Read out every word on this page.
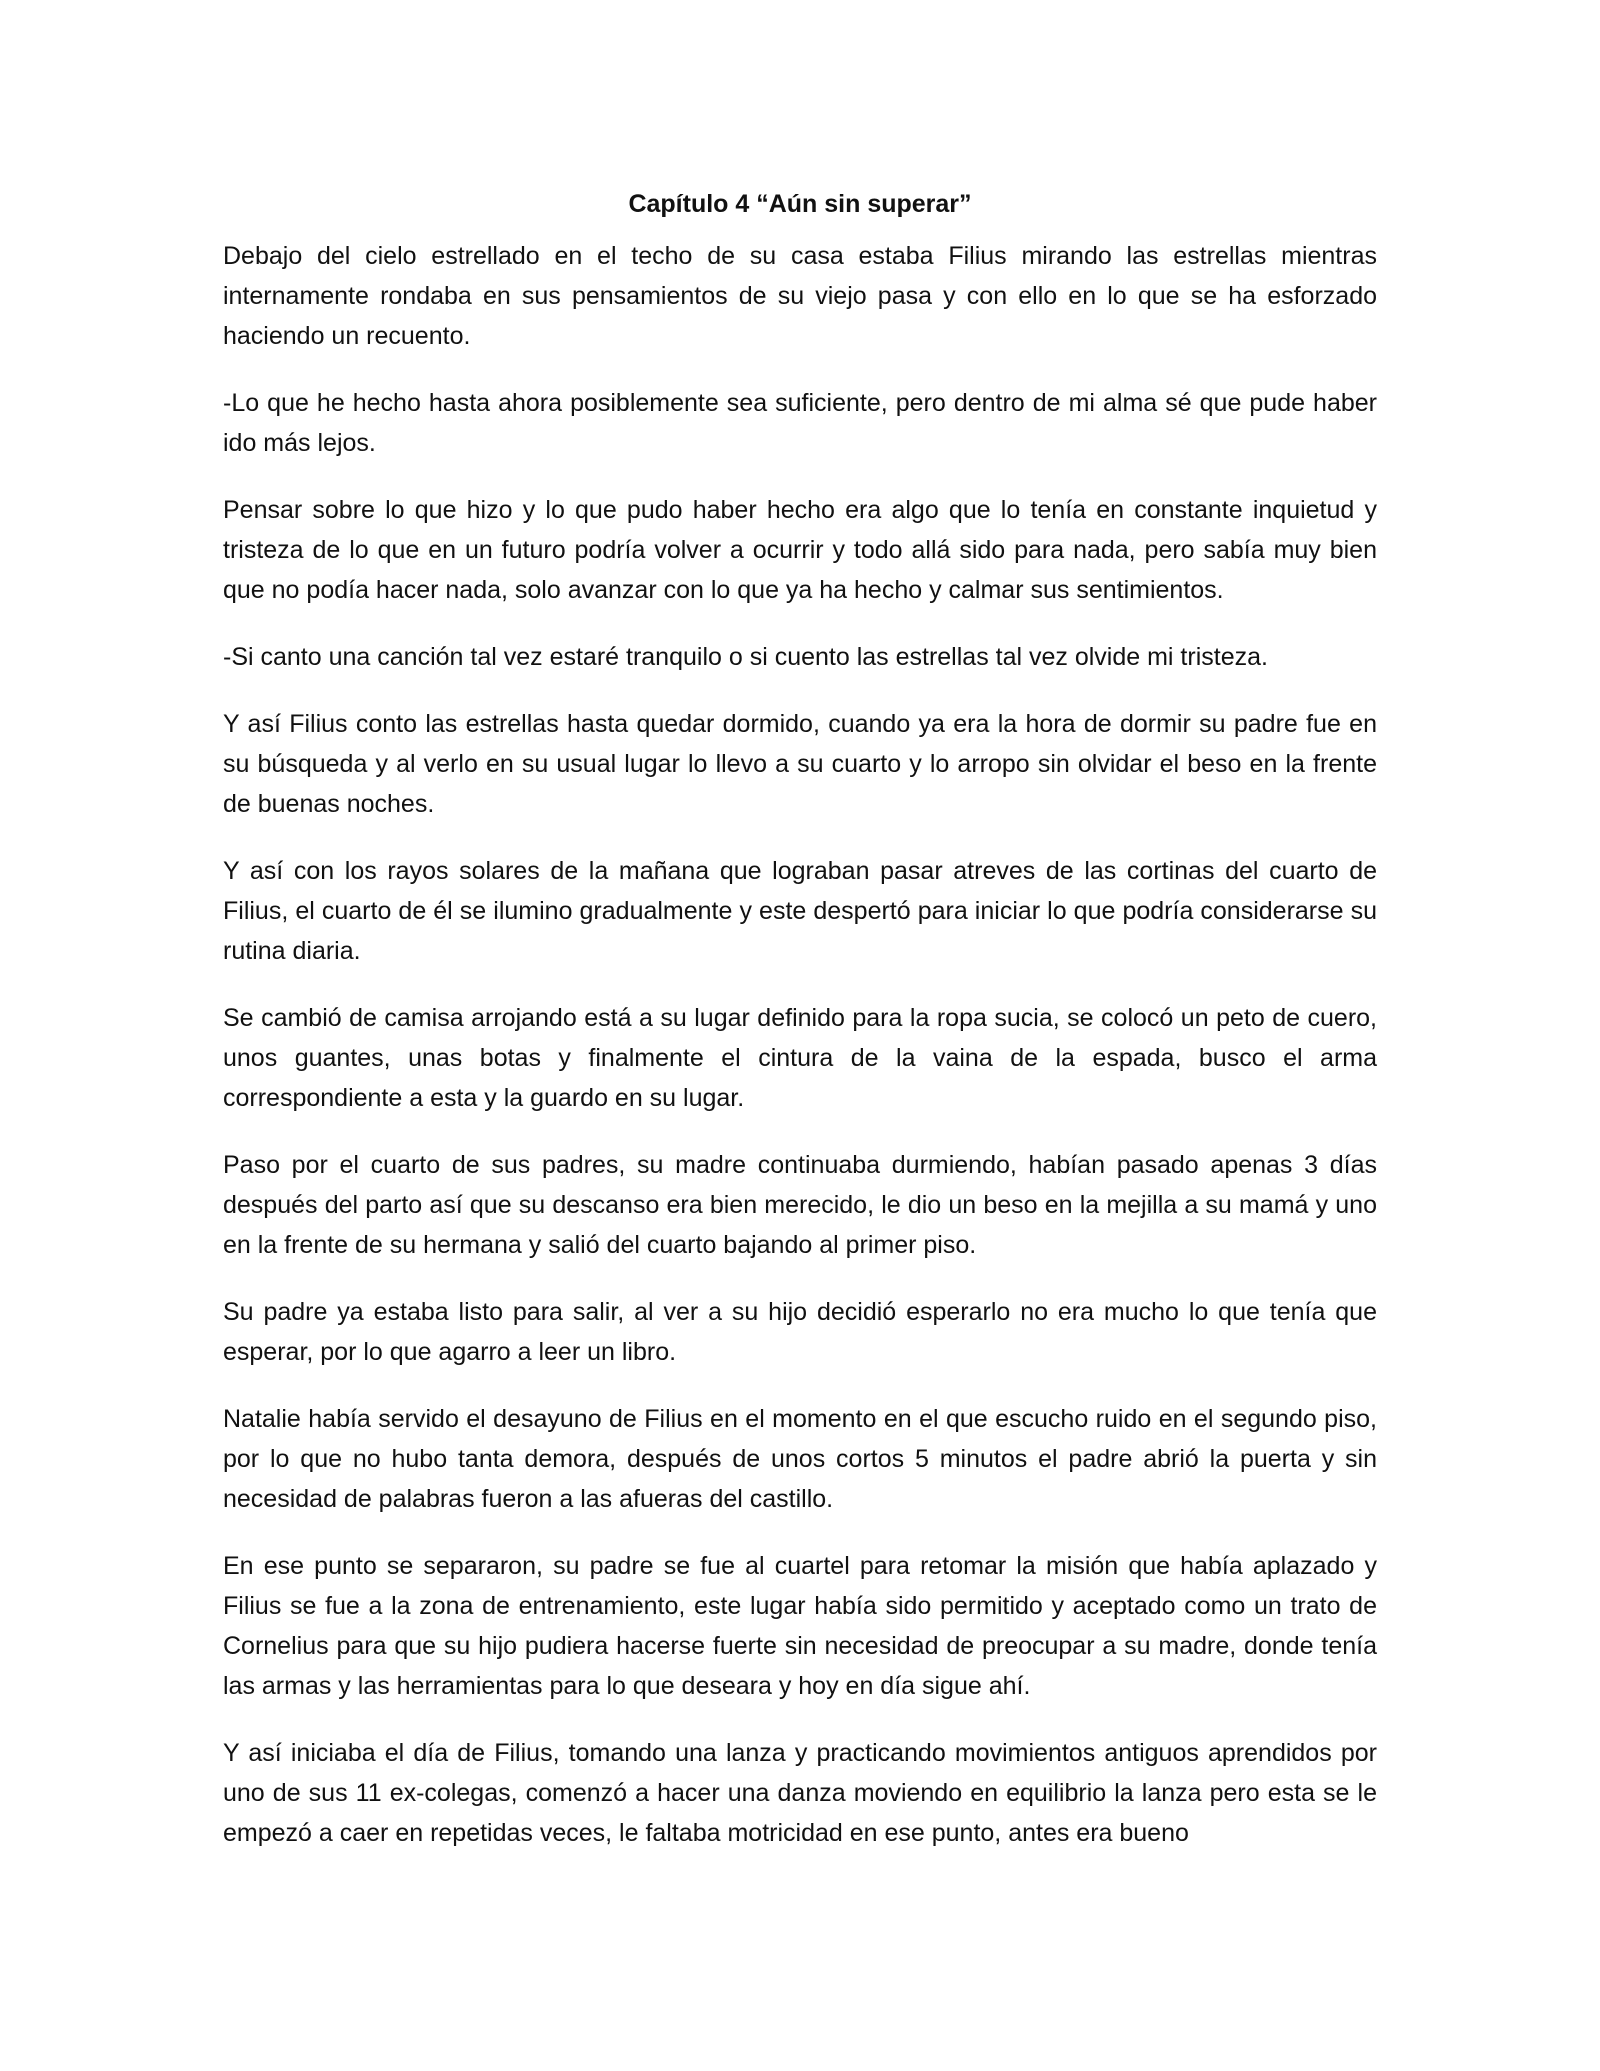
Capítulo 4 “Aún sin superar”

Debajo del cielo estrellado en el techo de su casa estaba Filius mirando las estrellas mientras internamente rondaba en sus pensamientos de su viejo pasa y con ello en lo que se ha esforzado haciendo un recuento.

-Lo que he hecho hasta ahora posiblemente sea suficiente, pero dentro de mi alma sé que pude haber ido más lejos.

Pensar sobre lo que hizo y lo que pudo haber hecho era algo que lo tenía en constante inquietud y tristeza de lo que en un futuro podría volver a ocurrir y todo allá sido para nada, pero sabía muy bien que no podía hacer nada, solo avanzar con lo que ya ha hecho y calmar sus sentimientos.

-Si canto una canción tal vez estaré tranquilo o si cuento las estrellas tal vez olvide mi tristeza.

Y así Filius conto las estrellas hasta quedar dormido, cuando ya era la hora de dormir su padre fue en su búsqueda y al verlo en su usual lugar lo llevo a su cuarto y lo arropo sin olvidar el beso en la frente de buenas noches.

Y así con los rayos solares de la mañana que lograban pasar atreves de las cortinas del cuarto de Filius, el cuarto de él se ilumino gradualmente y este despertó para iniciar lo que podría considerarse su rutina diaria.

Se cambió de camisa arrojando está a su lugar definido para la ropa sucia, se colocó un peto de cuero, unos guantes, unas botas y finalmente el cintura de la vaina de la espada, busco el arma correspondiente a esta y la guardo en su lugar.

Paso por el cuarto de sus padres, su madre continuaba durmiendo, habían pasado apenas 3 días después del parto así que su descanso era bien merecido, le dio un beso en la mejilla a su mamá y uno en la frente de su hermana y salió del cuarto bajando al primer piso.

Su padre ya estaba listo para salir, al ver a su hijo decidió esperarlo no era mucho lo que tenía que esperar, por lo que agarro a leer un libro.

Natalie había servido el desayuno de Filius en el momento en el que escucho ruido en el segundo piso, por lo que no hubo tanta demora, después de unos cortos 5 minutos el padre abrió la puerta y sin necesidad de palabras fueron a las afueras del castillo.

En ese punto se separaron, su padre se fue al cuartel para retomar la misión que había aplazado y Filius se fue a la zona de entrenamiento, este lugar había sido permitido y aceptado como un trato de Cornelius para que su hijo pudiera hacerse fuerte sin necesidad de preocupar a su madre, donde tenía las armas y las herramientas para lo que deseara y hoy en día sigue ahí.

Y así iniciaba el día de Filius, tomando una lanza y practicando movimientos antiguos aprendidos por uno de sus 11 ex-colegas, comenzó a hacer una danza moviendo en equilibrio la lanza pero esta se le empezó a caer en repetidas veces, le faltaba motricidad en ese punto, antes era bueno
